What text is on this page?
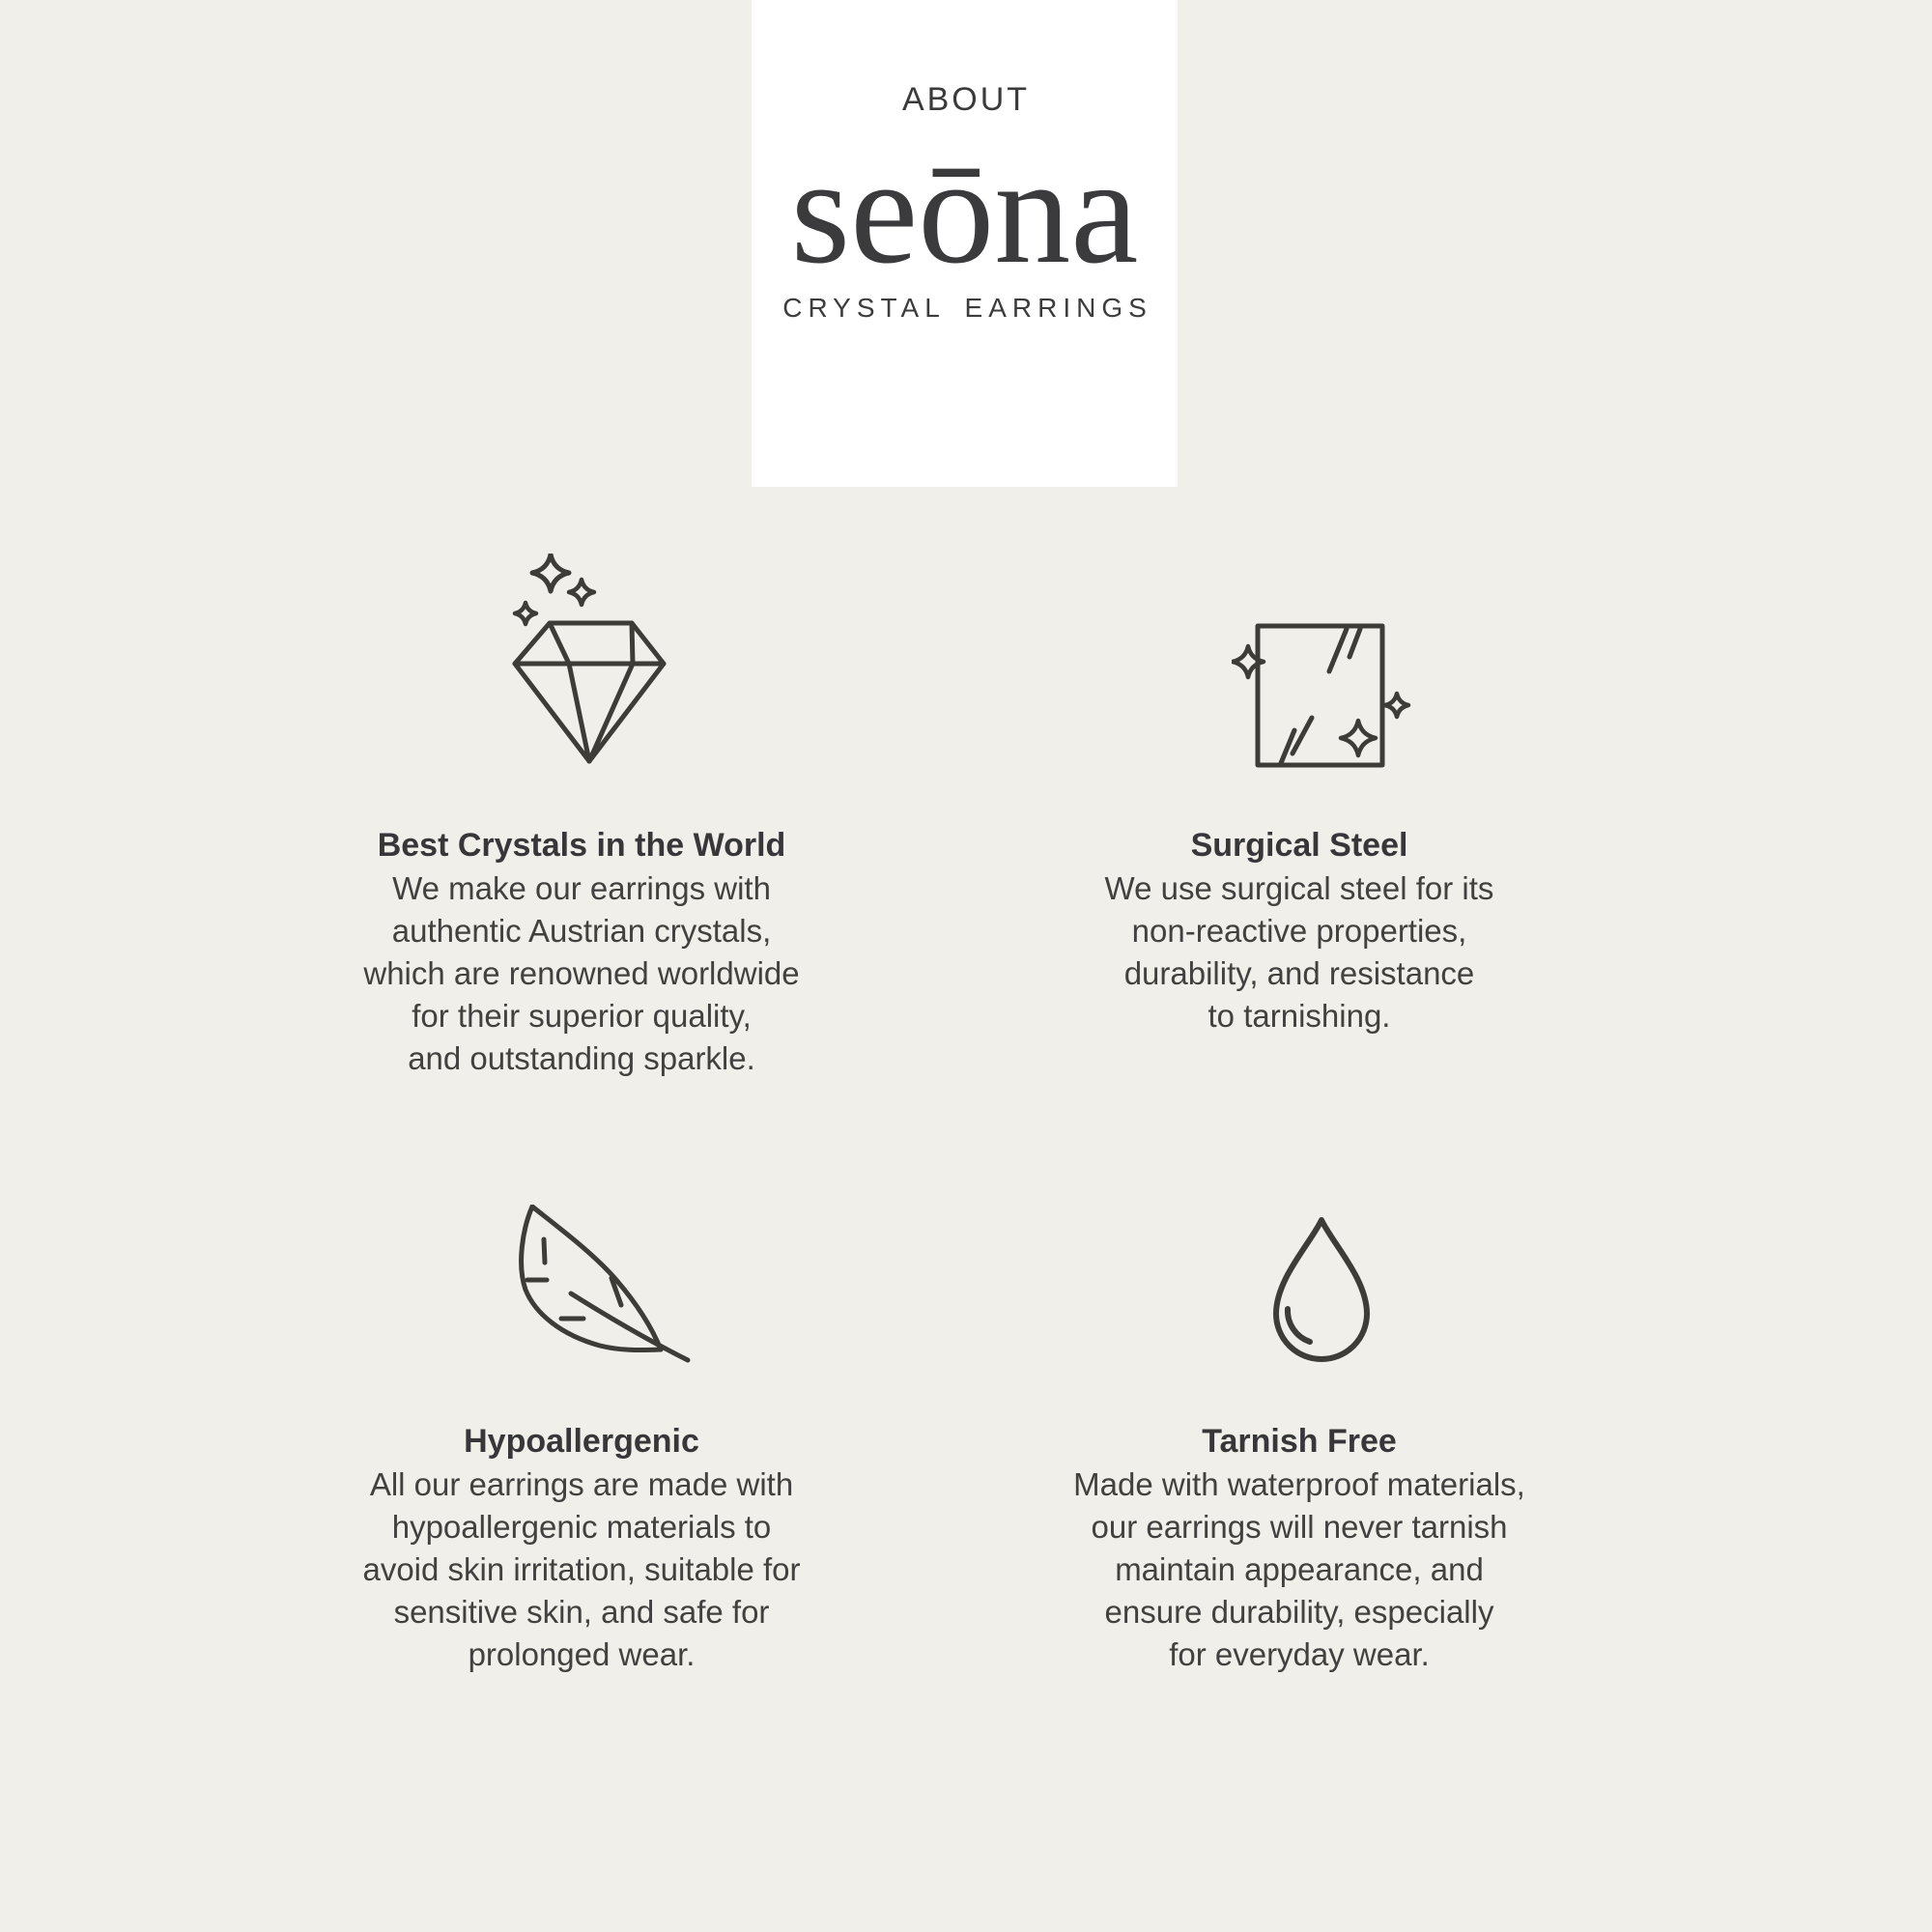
ABOUT
seōna
CRYSTAL EARRINGS
Best Crystals in the World

We make our earrings with
authentic Austrian crystals,
which are renowned worldwide
for their superior quality,
and outstanding sparkle.

Surgical Steel

We use surgical steel for its
non-reactive properties,
durability, and resistance
to tarnishing.

Hypoallergenic

All our earrings are made with
hypoallergenic materials to
avoid skin irritation, suitable for
sensitive skin, and safe for
prolonged wear.

Tarnish Free

Made with waterproof materials,
our earrings will never tarnish
maintain appearance, and
ensure durability, especially
for everyday wear.
